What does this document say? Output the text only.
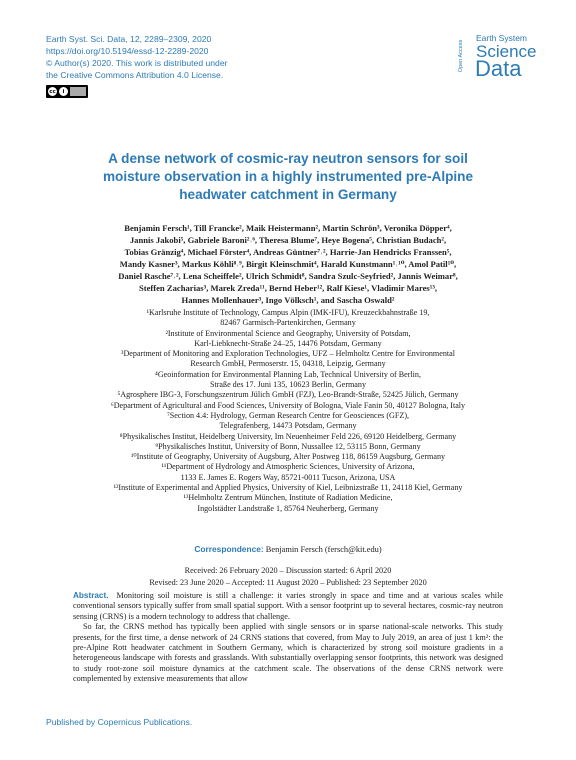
Earth Syst. Sci. Data, 12, 2289–2309, 2020
https://doi.org/10.5194/essd-12-2289-2020
© Author(s) 2020. This work is distributed under
the Creative Commons Attribution 4.0 License.
cc	i
Open Access
Earth System
Science
Data
A dense network of cosmic-ray neutron sensors for soil
moisture observation in a highly instrumented pre-Alpine
headwater catchment in Germany
Benjamin Fersch¹, Till Francke², Maik Heistermann², Martin Schrön³, Veronika Döpper⁴,
Jannis Jakobi⁵, Gabriele Baroni²˒⁶, Theresa Blume⁷, Heye Bogena⁵, Christian Budach²,
Tobias Gränzig⁴, Michael Förster⁴, Andreas Güntner⁷˒², Harrie-Jan Hendricks Franssen⁵,
Mandy Kasner³, Markus Köhli⁸˒⁹, Birgit Kleinschmit⁴, Harald Kunstmann¹˒¹⁰, Amol Patil¹⁰,
Daniel Rasche⁷˒², Lena Scheiffele², Ulrich Schmidt⁸, Sandra Szulc-Seyfried², Jannis Weimar⁸,
Steffen Zacharias³, Marek Zreda¹¹, Bernd Heber¹², Ralf Kiese¹, Vladimir Mares¹³,
Hannes Mollenhauer³, Ingo Völksch¹, and Sascha Oswald²
¹Karlsruhe Institute of Technology, Campus Alpin (IMK-IFU), Kreuzeckbahnstraße 19,
82467 Garmisch-Partenkirchen, Germany
²Institute of Environmental Science and Geography, University of Potsdam,
Karl-Liebknecht-Straße 24–25, 14476 Potsdam, Germany
³Department of Monitoring and Exploration Technologies, UFZ – Helmholtz Centre for Environmental
Research GmbH, Permoserstr. 15, 04318, Leipzig, Germany
⁴Geoinformation for Environmental Planning Lab, Technical University of Berlin,
Straße des 17. Juni 135, 10623 Berlin, Germany
⁵Agrosphere IBG-3, Forschungszentrum Jülich GmbH (FZJ), Leo-Brandt-Straße, 52425 Jülich, Germany
⁶Department of Agricultural and Food Sciences, University of Bologna, Viale Fanin 50, 40127 Bologna, Italy
⁷Section 4.4: Hydrology, German Research Centre for Geosciences (GFZ),
Telegrafenberg, 14473 Potsdam, Germany
⁸Physikalisches Institut, Heidelberg University, Im Neuenheimer Feld 226, 69120 Heidelberg, Germany
⁹Physikalisches Institut, University of Bonn, Nussallee 12, 53115 Bonn, Germany
¹⁰Institute of Geography, University of Augsburg, Alter Postweg 118, 86159 Augsburg, Germany
¹¹Department of Hydrology and Atmospheric Sciences, University of Arizona,
1133 E. James E. Rogers Way, 85721-0011 Tucson, Arizona, USA
¹²Institute of Experimental and Applied Physics, University of Kiel, Leibnizstraße 11, 24118 Kiel, Germany
¹³Helmholtz Zentrum München, Institute of Radiation Medicine,
Ingolstädter Landstraße 1, 85764 Neuherberg, Germany
Correspondence: Benjamin Fersch (fersch@kit.edu)
Received: 26 February 2020 – Discussion started: 6 April 2020
Revised: 23 June 2020 – Accepted: 11 August 2020 – Published: 23 September 2020

Abstract. Monitoring soil moisture is still a challenge: it varies strongly in space and time and at various scales while conventional sensors typically suffer from small spatial support. With a sensor footprint up to several hectares, cosmic-ray neutron sensing (CRNS) is a modern technology to address that challenge.

So far, the CRNS method has typically been applied with single sensors or in sparse national-scale networks. This study presents, for the first time, a dense network of 24 CRNS stations that covered, from May to July 2019, an area of just 1 km²: the pre-Alpine Rott headwater catchment in Southern Germany, which is characterized by strong soil moisture gradients in a heterogeneous landscape with forests and grasslands. With substantially overlapping sensor footprints, this network was designed to study root-zone soil moisture dynamics at the catchment scale. The observations of the dense CRNS network were complemented by extensive measurements that allow

Published by Copernicus Publications.
